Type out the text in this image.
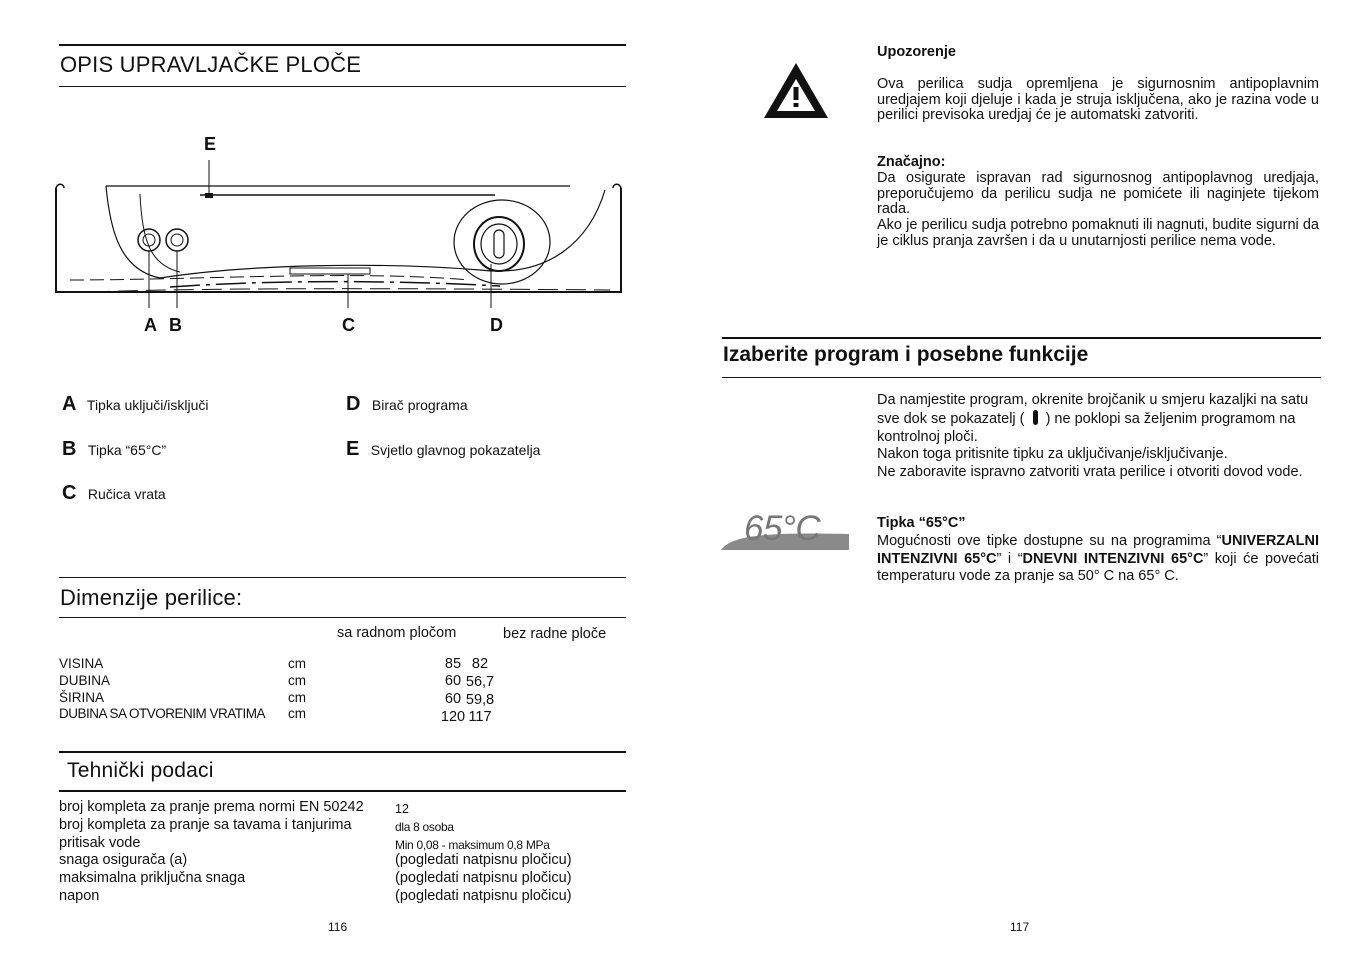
OPIS UPRAVLJAČKE PLOČE
E
A B	C	D
A Tipka uključi/isključi
B Tipka “65°C”
C Ručica vrata
D Birač programa
E Svjetlo glavnog pokazatelja
Dimenzije perilice:
sa radnom pločom	bez radne ploče
VISINA	cm	85 82
DUBINA	cm	60 56,7
ŠIRINA	cm	60 59,8
DUBINA SA OTVORENIM VRATIMA	cm	120 117
Tehnički podaci
broj kompleta za pranje prema normi EN 50242	12
broj kompleta za pranje sa tavama i tanjurima	dla 8 osoba
pritisak vode	Min 0,08 - maksimum 0,8 MPa
snaga osigurača (a)	(pogledati natpisnu pločicu)
maksimalna priključna snaga	(pogledati natpisnu pločicu)
napon	(pogledati natpisnu pločicu)
116
Upozorenje
Ova perilica sudja opremljena je sigurnosnim antipoplavnim uredjajem koji djeluje i kada je struja isključena, ako je razina vode u perilici previsoka uredjaj će je automatski zatvoriti.
Značajno:
Da osigurate ispravan rad sigurnosnog antipoplavnog uredjaja, preporučujemo da perilicu sudja ne pomićete ili naginjete tijekom rada.
Ako je perilicu sudja potrebno pomaknuti ili nagnuti, budite sigurni da je ciklus pranja završen i da u unutarnjosti perilice nema vode.
Izaberite program i posebne funkcije
Da namjestite program, okrenite brojčanik u smjeru kazaljki na satu
sve dok se pokazatelj ( ) ne poklopi sa željenim programom na
kontrolnoj ploči.
Nakon toga pritisnite tipku za uključivanje/isključivanje.
Ne zaboravite ispravno zatvoriti vrata perilice i otvoriti dovod vode.
65°C	Tipka “65°C”
Mogućnosti ove tipke dostupne su na programima “UNIVERZALNI INTENZIVNI 65°C” i “DNEVNI INTENZIVNI 65°C” koji će povećati temperaturu vode za pranje sa 50° C na 65° C.
117
